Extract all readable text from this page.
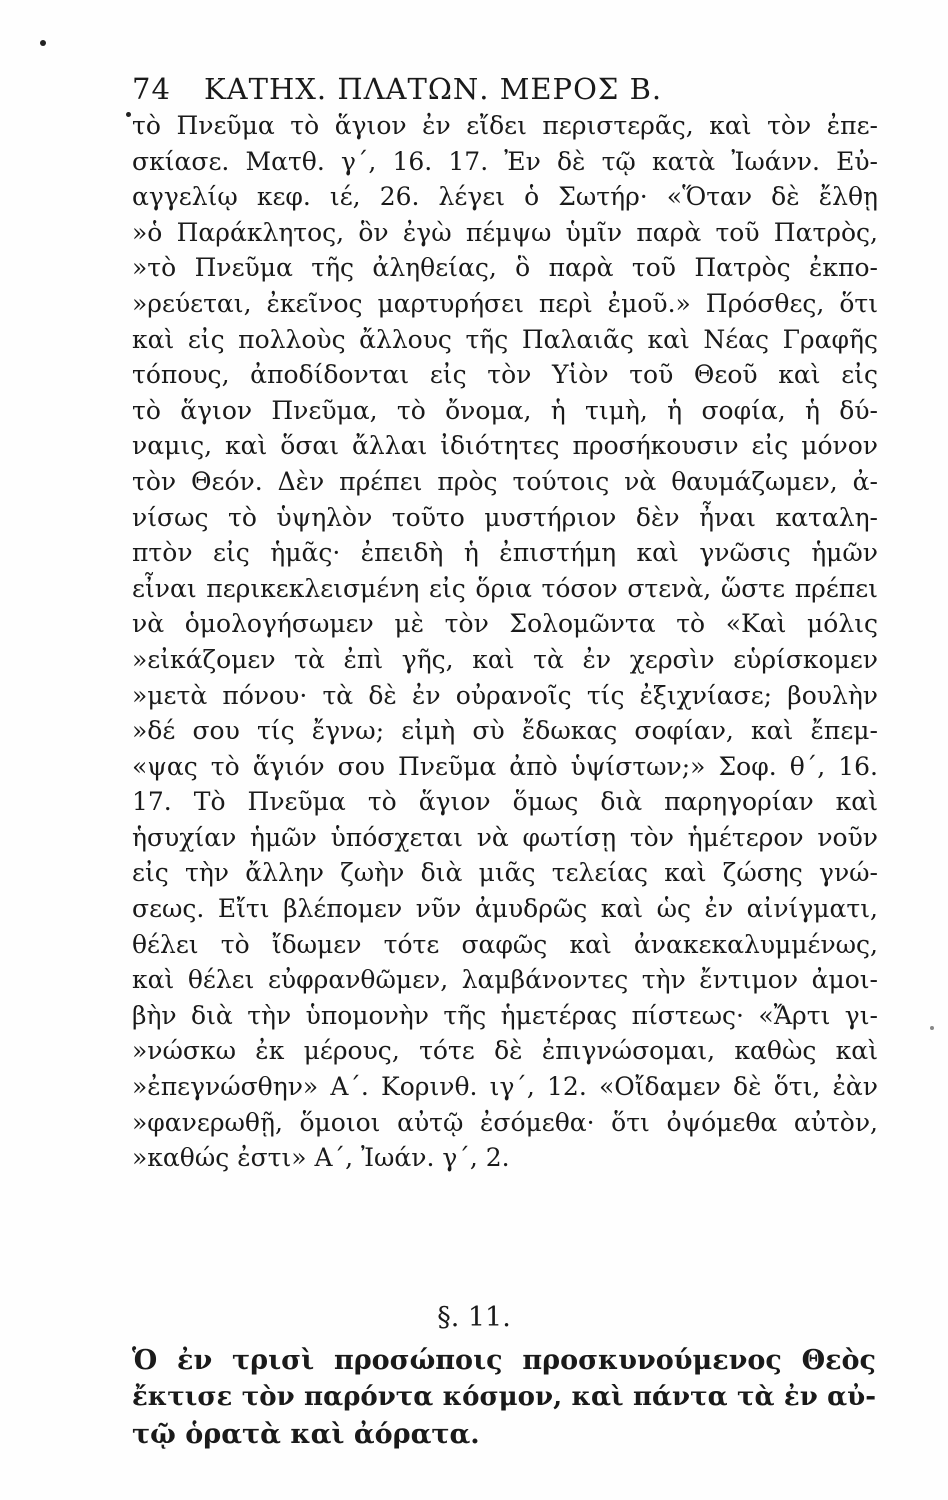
74 ΚΑΤΗΧ. ΠΛΑΤΩΝ. ΜΕΡΟΣ Β.
τὸ Πνεῦμα τὸ ἅγιον ἐν εἴδει περιστερᾶς, καὶ τὸν ἐπε-
σκίασε. Ματθ. γ΄, 16. 17. Ἐν δὲ τῷ κατὰ Ἰωάνν. Εὐ-
αγγελίῳ κεφ. ιέ, 26. λέγει ὁ Σωτήρ· «Ὅταν δὲ ἔλθῃ
»ὁ Παράκλητος, ὃν ἐγὼ πέμψω ὑμῖν παρὰ τοῦ Πατρὸς,
»τὸ Πνεῦμα τῆς ἀληθείας, ὃ παρὰ τοῦ Πατρὸς ἐκπο-
»ρεύεται, ἐκεῖνος μαρτυρήσει περὶ ἐμοῦ.» Πρόσθες, ὅτι
καὶ εἰς πολλοὺς ἄλλους τῆς Παλαιᾶς καὶ Νέας Γραφῆς
τόπους, ἀποδίδονται εἰς τὸν Υἱὸν τοῦ Θεοῦ καὶ εἰς
τὸ ἅγιον Πνεῦμα, τὸ ὄνομα, ἡ τιμὴ, ἡ σοφία, ἡ δύ-
ναμις, καὶ ὅσαι ἄλλαι ἰδιότητες προσήκουσιν εἰς μόνον
τὸν Θεόν. Δὲν πρέπει πρὸς τούτοις νὰ θαυμάζωμεν, ἀ-
νίσως τὸ ὑψηλὸν τοῦτο μυστήριον δὲν ἦναι καταλη-
πτὸν εἰς ἡμᾶς· ἐπειδὴ ἡ ἐπιστήμη καὶ γνῶσις ἡμῶν
εἶναι περικεκλεισμένη εἰς ὅρια τόσον στενὰ, ὥστε πρέπει
νὰ ὁμολογήσωμεν μὲ τὸν Σολομῶντα τὸ «Καὶ μόλις
»εἰκάζομεν τὰ ἐπὶ γῆς, καὶ τὰ ἐν χερσὶν εὑρίσκομεν
»μετὰ πόνου· τὰ δὲ ἐν οὐρανοῖς τίς ἐξιχνίασε; βουλὴν
»δέ σου τίς ἔγνω; εἰμὴ σὺ ἔδωκας σοφίαν, καὶ ἔπεμ-
«ψας τὸ ἅγιόν σου Πνεῦμα ἀπὸ ὑψίστων;» Σοφ. θ΄, 16.
17. Τὸ Πνεῦμα τὸ ἅγιον ὅμως διὰ παρηγορίαν καὶ
ἡσυχίαν ἡμῶν ὑπόσχεται νὰ φωτίσῃ τὸν ἡμέτερον νοῦν
εἰς τὴν ἄλλην ζωὴν διὰ μιᾶς τελείας καὶ ζώσης γνώ-
σεως. Εἴτι βλέπομεν νῦν ἀμυδρῶς καὶ ὡς ἐν αἰνίγματι,
θέλει τὸ ἴδωμεν τότε σαφῶς καὶ ἀνακεκαλυμμένως,
καὶ θέλει εὐφρανθῶμεν, λαμβάνοντες τὴν ἔντιμον ἀμοι-
βὴν διὰ τὴν ὑπομονὴν τῆς ἡμετέρας πίστεως· «Ἄρτι γι-
»νώσκω ἐκ μέρους, τότε δὲ ἐπιγνώσομαι, καθὼς καὶ
»ἐπεγνώσθην» Α΄. Κορινθ. ιγ΄, 12. «Οἴδαμεν δὲ ὅτι, ἐὰν
»φανερωθῇ, ὅμοιοι αὐτῷ ἐσόμεθα· ὅτι ὀψόμεθα αὐτὸν,
»καθώς ἐστι» Α΄, Ἰωάν. γ΄, 2.
§. 11.
Ὁ ἐν τρισὶ προσώποις προσκυνούμενος Θεὸς
ἔκτισε τὸν παρόντα κόσμον, καὶ πάντα τὰ ἐν αὐ-
τῷ ὁρατὰ καὶ ἀόρατα.
